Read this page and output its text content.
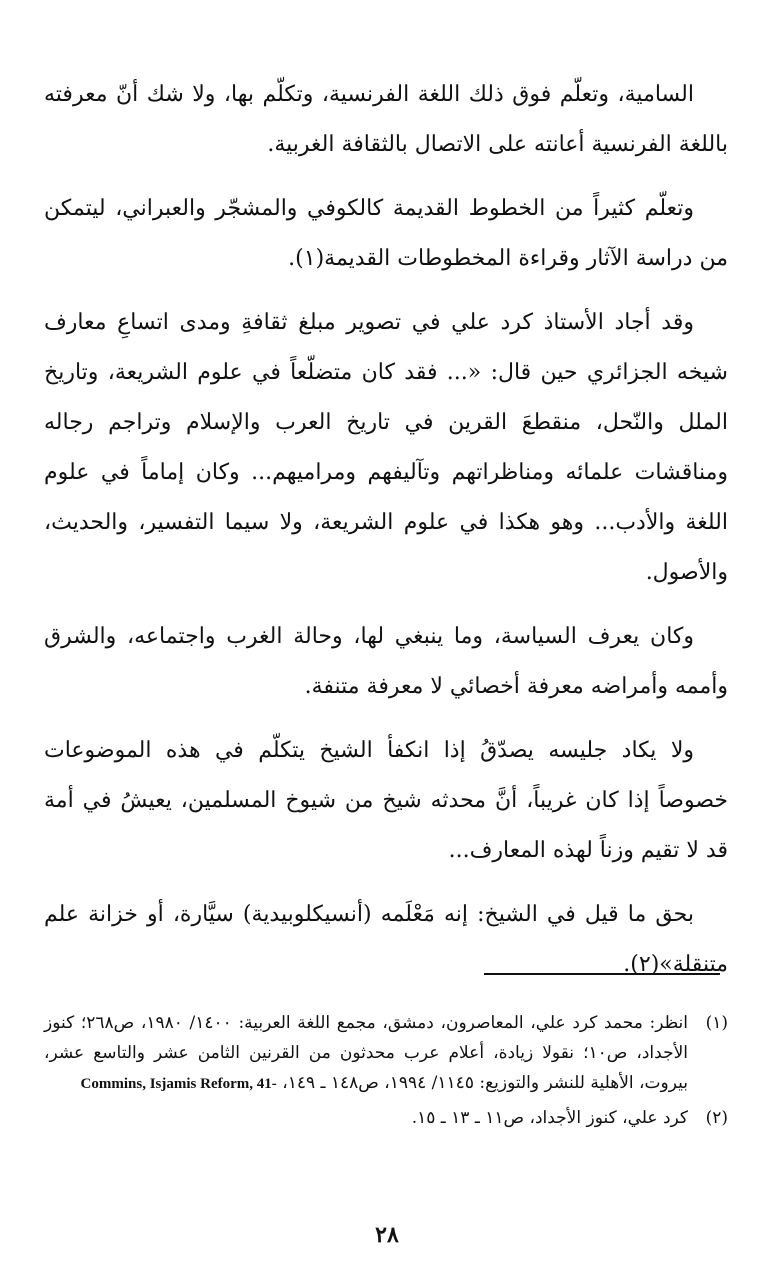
السامية، وتعلّم فوق ذلك اللغة الفرنسية، وتكلّم بها، ولا شك أنّ معرفته باللغة الفرنسية أعانته على الاتصال بالثقافة الغربية.

وتعلّم كثيراً من الخطوط القديمة كالكوفي والمشجّر والعبراني، ليتمكن من دراسة الآثار وقراءة المخطوطات القديمة(١).

وقد أجاد الأستاذ كرد علي في تصوير مبلغ ثقافةِ ومدى اتساعِ معارف شيخه الجزائري حين قال: «... فقد كان متضلّعاً في علوم الشريعة، وتاريخ الملل والنّحل، منقطعَ القرين في تاريخ العرب والإسلام وتراجم رجاله ومناقشات علمائه ومناظراتهم وتآليفهم ومراميهم... وكان إماماً في علوم اللغة والأدب... وهو هكذا في علوم الشريعة، ولا سيما التفسير، والحديث، والأصول.

وكان يعرف السياسة، وما ينبغي لها، وحالة الغرب واجتماعه، والشرق وأممه وأمراضه معرفة أخصائي لا معرفة متنفة.

ولا يكاد جليسه يصدّقُ إذا انكفأ الشيخ يتكلّم في هذه الموضوعات خصوصاً إذا كان غريباً، أنَّ محدثه شيخ من شيوخ المسلمين، يعيشُ في أمة قد لا تقيم وزناً لهذه المعارف...

بحق ما قيل في الشيخ: إنه مَعْلَمه (أنسيكلوبيدية) سيَّارة، أو خزانة علم متنقلة»(٢).

(١)
انظر: محمد كرد علي، المعاصرون، دمشق، مجمع اللغة العربية: ١٤٠٠/ ١٩٨٠، ص٢٦٨؛ كنوز الأجداد، ص١٠؛ نقولا زيادة، أعلام عرب محدثون من القرنين الثامن عشر والتاسع عشر، بيروت، الأهلية للنشر والتوزيع: ١١٤٥/ ١٩٩٤، ص١٤٨ ـ ١٤٩، Commins, Isjamis Reform, 41-
(٢)
كرد علي، كنوز الأجداد، ص١١ ـ ١٣ ـ ١٥.
٢٨
